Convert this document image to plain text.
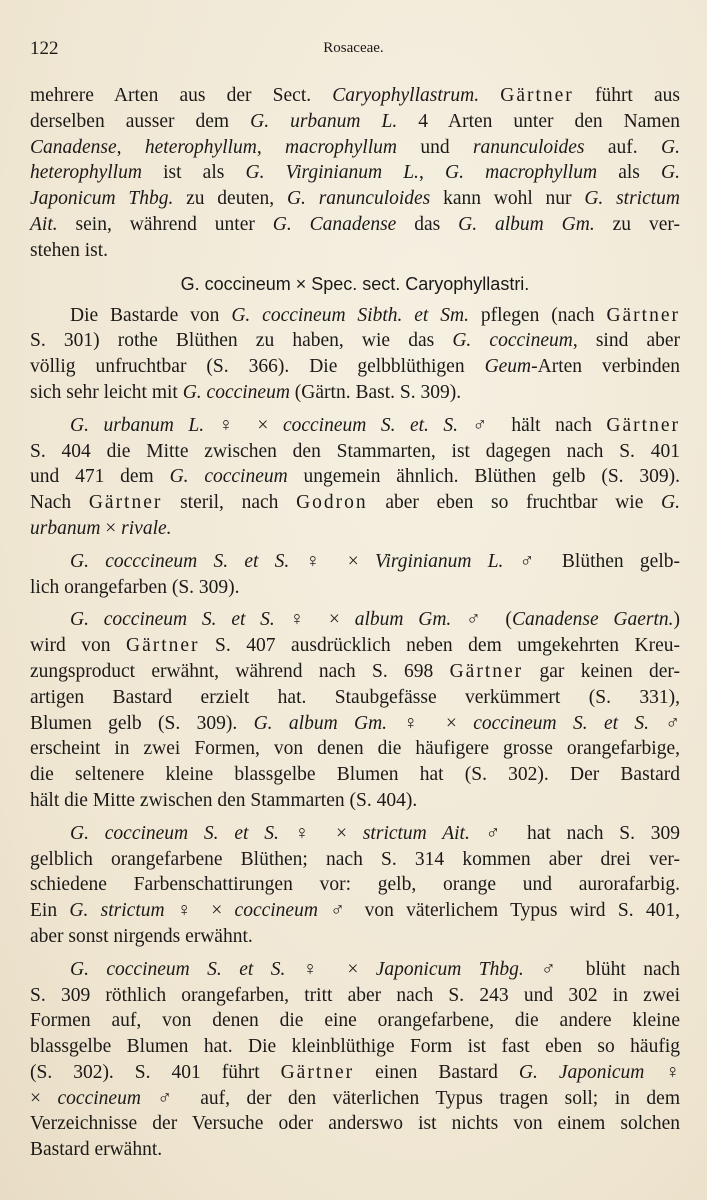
122	Rosaceae.
mehrere Arten aus der Sect. Caryophyllastrum. Gärtner führt aus
derselben ausser dem G. urbanum L. 4 Arten unter den Namen
Canadense, heterophyllum, macrophyllum und ranunculoides auf. G.
heterophyllum ist als G. Virginianum L., G. macrophyllum als G.
Japonicum Thbg. zu deuten, G. ranunculoides kann wohl nur G. strictum
Ait. sein, während unter G. Canadense das G. album Gm. zu ver-
stehen ist.
G. coccineum × Spec. sect. Caryophyllastri.
Die Bastarde von G. coccineum Sibth. et Sm. pflegen (nach Gärtner
S. 301) rothe Blüthen zu haben, wie das G. coccineum, sind aber
völlig unfruchtbar (S. 366). Die gelbblüthigen Geum-Arten verbinden
sich sehr leicht mit G. coccineum (Gärtn. Bast. S. 309).
G. urbanum L. ♀ × coccineum S. et. S. ♂ hält nach Gärtner
S. 404 die Mitte zwischen den Stammarten, ist dagegen nach S. 401
und 471 dem G. coccineum ungemein ähnlich. Blüthen gelb (S. 309).
Nach Gärtner steril, nach Godron aber eben so fruchtbar wie G.
urbanum × rivale.
G. cocccineum S. et S. ♀ × Virginianum L. ♂ Blüthen gelb-
lich orangefarben (S. 309).
G. coccineum S. et S. ♀ × album Gm. ♂ (Canadense Gaertn.)
wird von Gärtner S. 407 ausdrücklich neben dem umgekehrten Kreu-
zungsproduct erwähnt, während nach S. 698 Gärtner gar keinen der-
artigen Bastard erzielt hat. Staubgefässe verkümmert (S. 331),
Blumen gelb (S. 309). G. album Gm. ♀ × coccineum S. et S. ♂
erscheint in zwei Formen, von denen die häufigere grosse orangefarbige,
die seltenere kleine blassgelbe Blumen hat (S. 302). Der Bastard
hält die Mitte zwischen den Stammarten (S. 404).
G. coccineum S. et S. ♀ × strictum Ait. ♂ hat nach S. 309
gelblich orangefarbene Blüthen; nach S. 314 kommen aber drei ver-
schiedene Farbenschattirungen vor: gelb, orange und aurorafarbig.
Ein G. strictum ♀ × coccineum ♂ von väterlichem Typus wird S. 401,
aber sonst nirgends erwähnt.
G. coccineum S. et S. ♀ × Japonicum Thbg. ♂ blüht nach
S. 309 röthlich orangefarben, tritt aber nach S. 243 und 302 in zwei
Formen auf, von denen die eine orangefarbene, die andere kleine
blassgelbe Blumen hat. Die kleinblüthige Form ist fast eben so häufig
(S. 302). S. 401 führt Gärtner einen Bastard G. Japonicum ♀
× coccineum ♂ auf, der den väterlichen Typus tragen soll; in dem
Verzeichnisse der Versuche oder anderswo ist nichts von einem solchen
Bastard erwähnt.
